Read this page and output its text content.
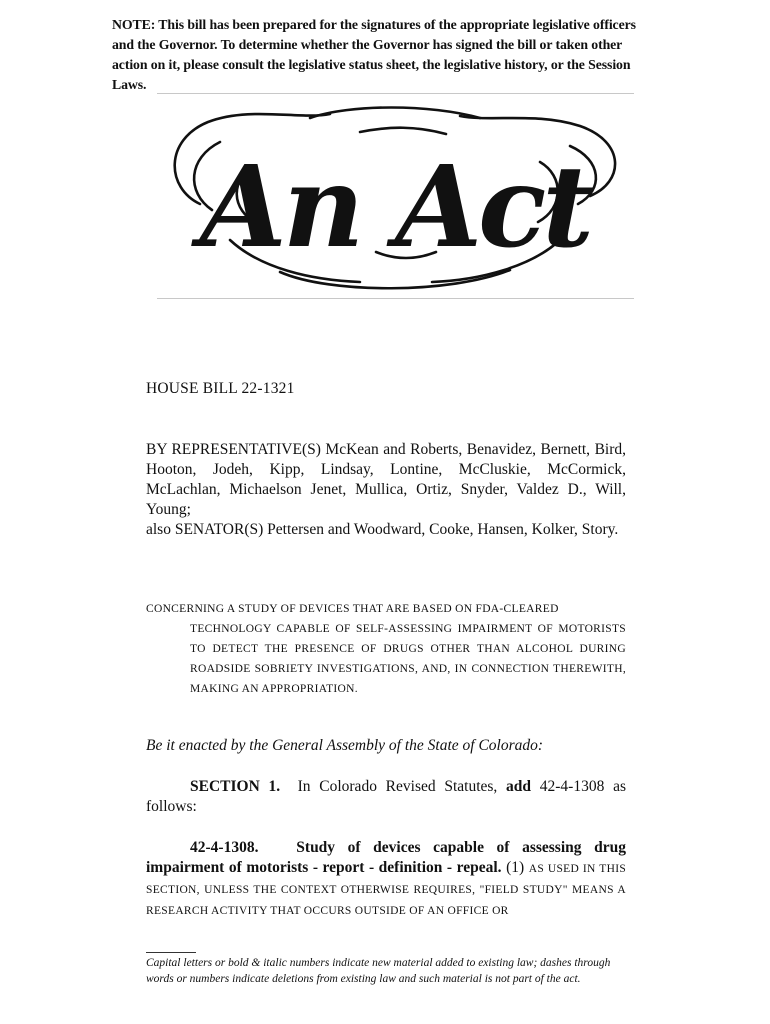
NOTE: This bill has been prepared for the signatures of the appropriate legislative officers and the Governor. To determine whether the Governor has signed the bill or taken other action on it, please consult the legislative status sheet, the legislative history, or the Session Laws.
An Act
HOUSE BILL 22-1321

BY REPRESENTATIVE(S) McKean and Roberts, Benavidez, Bernett, Bird, Hooton, Jodeh, Kipp, Lindsay, Lontine, McCluskie, McCormick, McLachlan, Michaelson Jenet, Mullica, Ortiz, Snyder, Valdez D., Will, Young;

also SENATOR(S) Pettersen and Woodward, Cooke, Hansen, Kolker, Story.

CONCERNING A STUDY OF DEVICES THAT ARE BASED ON FDA-CLEARED
TECHNOLOGY CAPABLE OF SELF-ASSESSING IMPAIRMENT OF MOTORISTS TO DETECT THE PRESENCE OF DRUGS OTHER THAN ALCOHOL DURING ROADSIDE SOBRIETY INVESTIGATIONS, AND, IN CONNECTION THEREWITH, MAKING AN APPROPRIATION.
Be it enacted by the General Assembly of the State of Colorado:
SECTION 1. In Colorado Revised Statutes, add 42-4-1308 as follows:
42-4-1308. Study of devices capable of assessing drug impairment of motorists - report - definition - repeal. (1) AS USED IN THIS SECTION, UNLESS THE CONTEXT OTHERWISE REQUIRES, "FIELD STUDY" MEANS A RESEARCH ACTIVITY THAT OCCURS OUTSIDE OF AN OFFICE OR
Capital letters or bold & italic numbers indicate new material added to existing law; dashes through words or numbers indicate deletions from existing law and such material is not part of the act.
